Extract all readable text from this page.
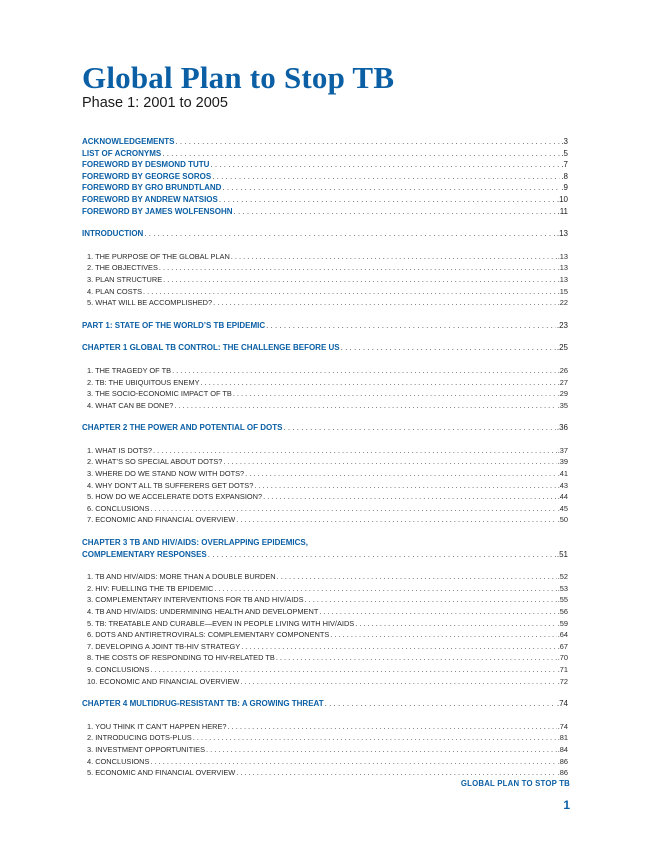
Global Plan to Stop TB

Phase 1: 2001 to 2005

ACKNOWLEDGEMENTS . . .	.3
LIST OF ACRONYMS . . .	.5
FOREWORD BY DESMOND TUTU . . .	.7
FOREWORD BY GEORGE SOROS . . .	.8
FOREWORD BY GRO BRUNDTLAND . . .	.9
FOREWORD BY ANDREW NATSIOS . . .	.10
FOREWORD BY JAMES WOLFENSOHN . . .	.11
INTRODUCTION . . .	.13
1. THE PURPOSE OF THE GLOBAL PLAN . . .	.13
2. THE OBJECTIVES . . .	.13
3. PLAN STRUCTURE . . .	.13
4. PLAN COSTS . . .	.15
5. WHAT WILL BE ACCOMPLISHED? . . .	.22
PART 1: STATE OF THE WORLD’S TB EPIDEMIC . . .	.23
CHAPTER 1 GLOBAL TB CONTROL: THE CHALLENGE BEFORE US . . .	.25
1. THE TRAGEDY OF TB . . .	.26
2. TB: THE UBIQUITOUS ENEMY . . .	.27
3. THE SOCIO-ECONOMIC IMPACT OF TB . . .	.29
4. WHAT CAN BE DONE? . . .	.35
CHAPTER 2 THE POWER AND POTENTIAL OF DOTS . . .	.36
1. WHAT IS DOTS? . . .	.37
2. WHAT’S SO SPECIAL ABOUT DOTS? . . .	.39
3. WHERE DO WE STAND NOW WITH DOTS? . . .	.41
4. WHY DON’T ALL TB SUFFERERS GET DOTS? . . .	.43
5. HOW DO WE ACCELERATE DOTS EXPANSION? . . .	.44
6. CONCLUSIONS . . .	.45
7. ECONOMIC AND FINANCIAL OVERVIEW . . .	.50
CHAPTER 3 TB AND HIV/AIDS: OVERLAPPING EPIDEMICS,
COMPLEMENTARY RESPONSES . . .	.51
1. TB AND HIV/AIDS: MORE THAN A DOUBLE BURDEN . . .	.52
2. HIV: FUELLING THE TB EPIDEMIC . . .	.53
3. COMPLEMENTARY INTERVENTIONS FOR TB AND HIV/AIDS . . .	.55
4. TB AND HIV/AIDS: UNDERMINING HEALTH AND DEVELOPMENT . . .	.56
5. TB: TREATABLE AND CURABLE—EVEN IN PEOPLE LIVING WITH HIV/AIDS . . .	.59
6. DOTS AND ANTIRETROVIRALS: COMPLEMENTARY COMPONENTS . . .	.64
7. DEVELOPING A JOINT TB-HIV STRATEGY . . .	.67
8. THE COSTS OF RESPONDING TO HIV-RELATED TB . . .	.70
9. CONCLUSIONS . . .	.71
10. ECONOMIC AND FINANCIAL OVERVIEW . . .	.72
CHAPTER 4 MULTIDRUG-RESISTANT TB: A GROWING THREAT . . .	.74
1. YOU THINK IT CAN’T HAPPEN HERE? . . .	.74
2. INTRODUCING DOTS-PLUS . . .	.81
3. INVESTMENT OPPORTUNITIES . . .	.84
4. CONCLUSIONS . . .	.86
5. ECONOMIC AND FINANCIAL OVERVIEW . . .	.86

GLOBAL PLAN TO STOP TB

1
